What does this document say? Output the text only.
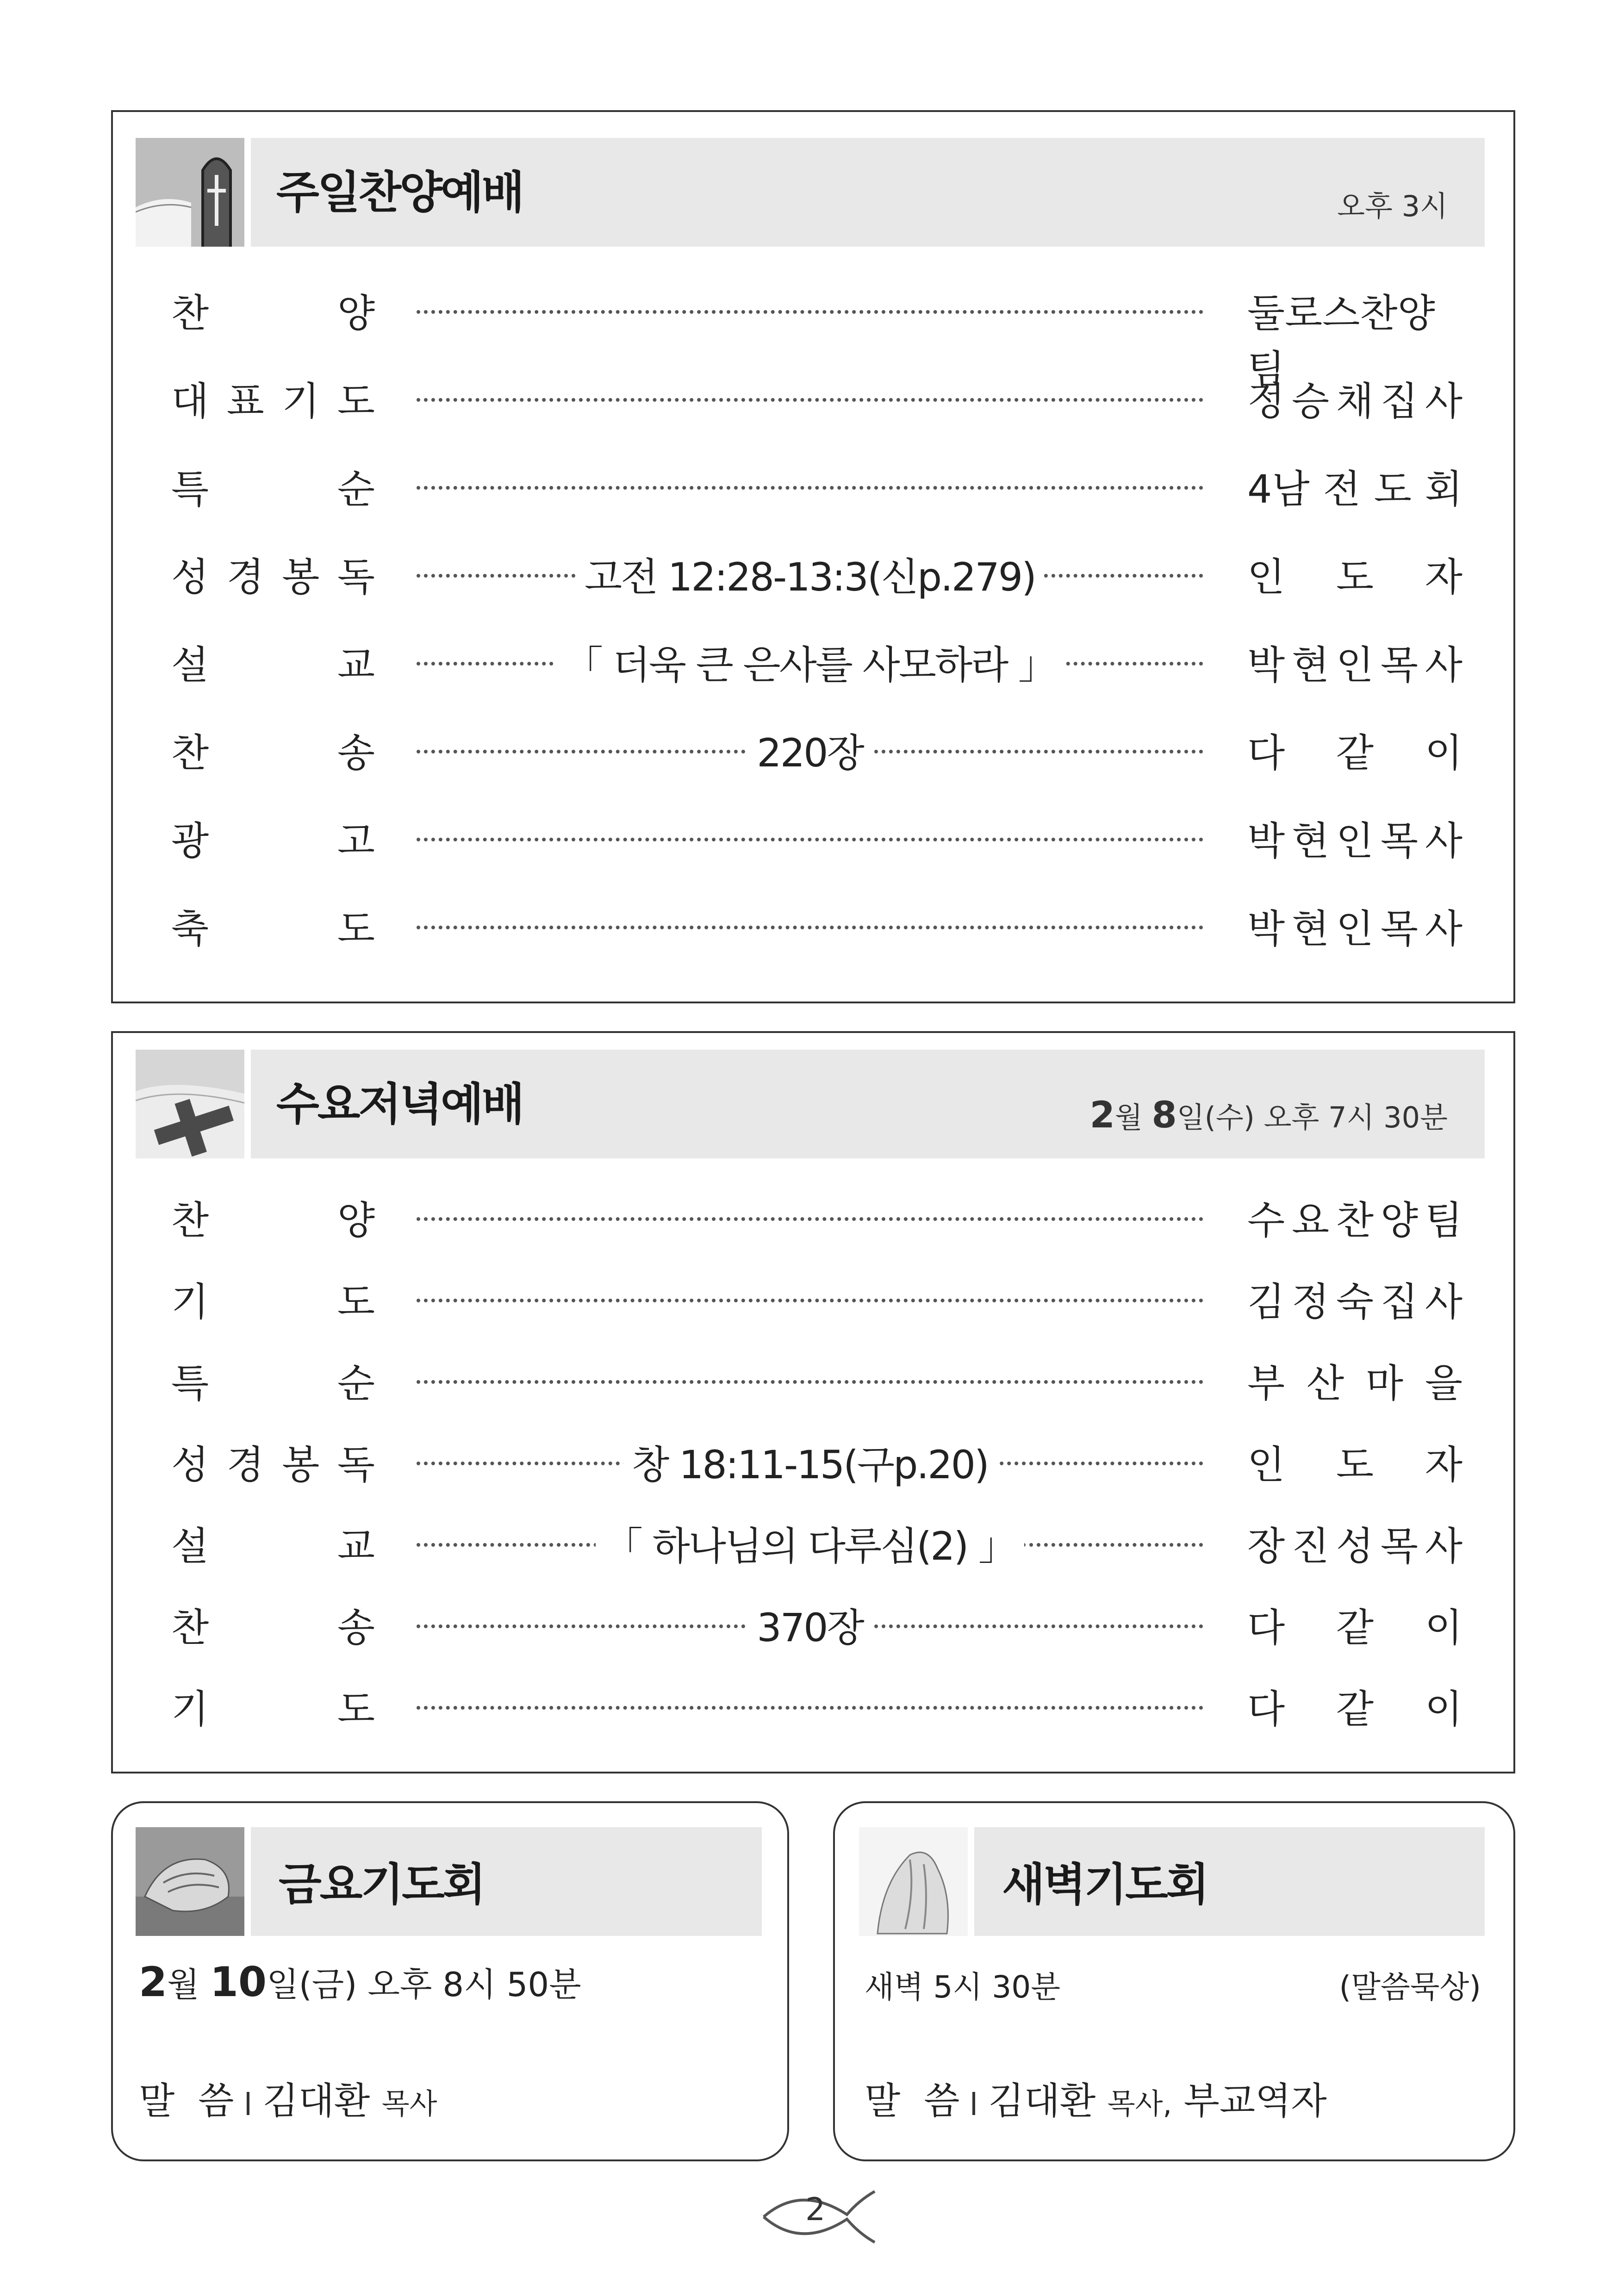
주일찬양예배	오후 3시
찬	양	둘로스찬양팀
대 표 기 도	정 승 채 집 사
특	순	4남 전 도 회
성 경 봉 독	고전 12:28-13:3(신p.279)	인 도 자
설	교	「 더욱 큰 은사를 사모하라 」	박 현 인 목 사
찬	송	220장	다 같 이
광	고	박 현 인 목 사
축	도	박 현 인 목 사
수요저녁예배	2월 8일(수) 오후 7시 30분
찬	양	수 요 찬 양 팀
기	도	김 정 숙 집 사
특	순	부 산 마 을
성 경 봉 독	창 18:11-15(구p.20)	인 도 자
설	교	「 하나님의 다루심(2) 」	장 진 성 목 사
찬	송	370장	다 같 이
기	도	다 같 이
금요기도회
2월 10일(금) 오후 8시 50분
말  씀 김대환 목사
새벽기도회
새벽 5시 30분	(말씀묵상)
말  씀 김대환 목사, 부교역자
2
